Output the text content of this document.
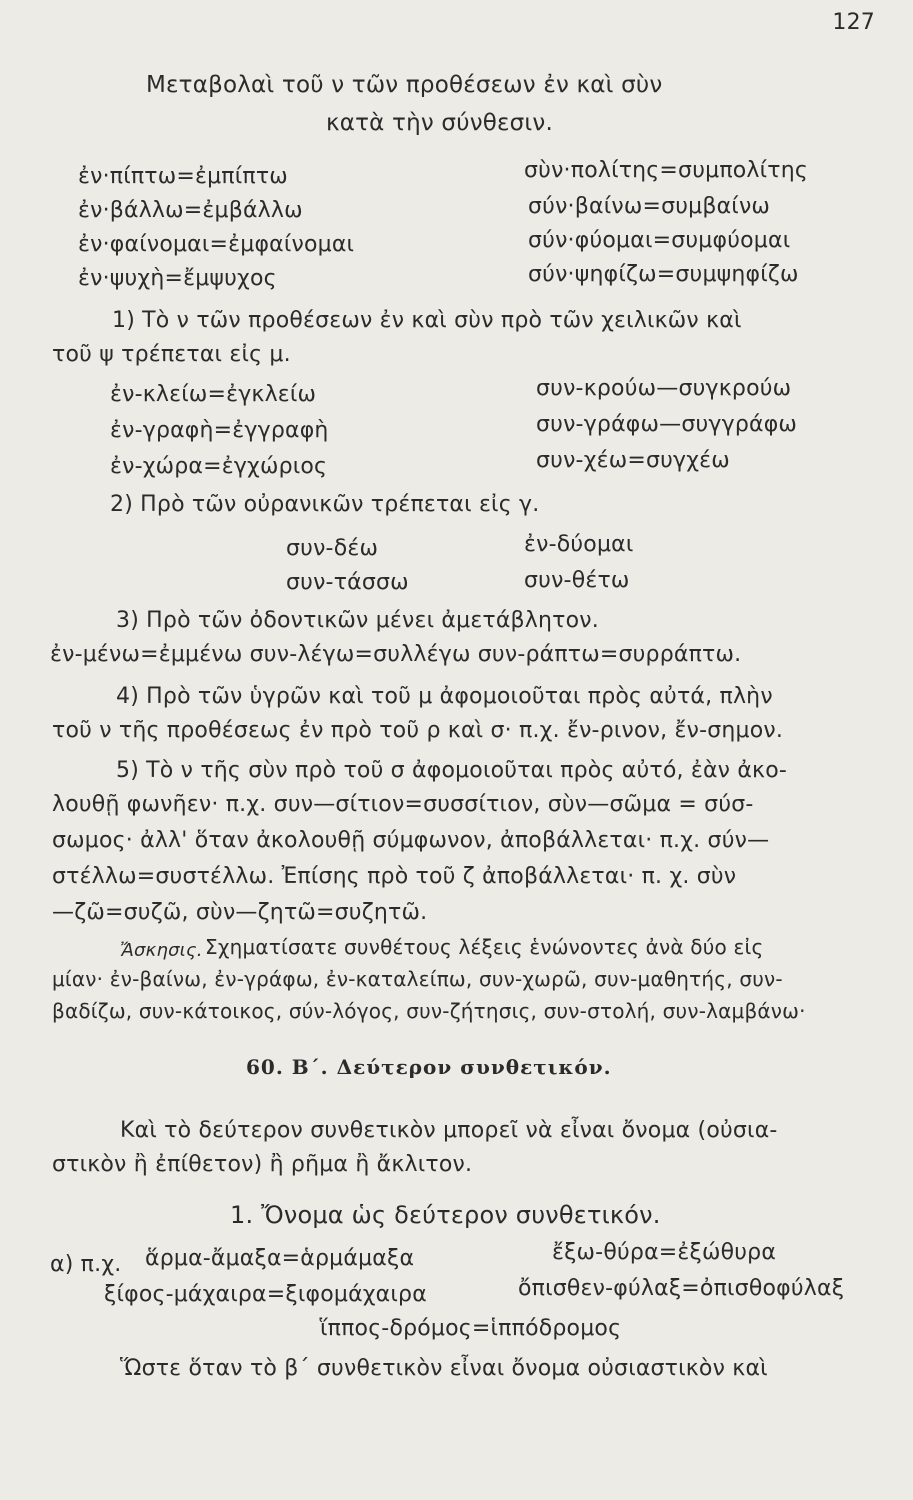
127
Μεταβολαὶ τοῦ ν τῶν προθέσεων ἐν καὶ σὺν
κατὰ τὴν σύνθεσιν.
ἐν·πίπτω=ἐμπίπτω
ἐν·βάλλω=ἐμβάλλω
ἐν·φαίνομαι=ἐμφαίνομαι
ἐν·ψυχὴ=ἔμψυχος
σὺν·πολίτης=συμπολίτης
σύν·βαίνω=συμβαίνω
σύν·φύομαι=συμφύομαι
σύν·ψηφίζω=συμψηφίζω
1) Τὸ ν τῶν προθέσεων ἐν καὶ σὺν πρὸ τῶν χειλικῶν καὶ
τοῦ ψ τρέπεται εἰς μ.
ἐν-κλείω=ἐγκλείω
ἐν-γραφὴ=ἐγγραφὴ
ἐν-χώρα=ἐγχώριος
συν-κρούω—συγκρούω
συν-γράφω—συγγράφω
συν-χέω=συγχέω
2) Πρὸ τῶν οὐρανικῶν τρέπεται εἰς γ.
συν-δέω
συν-τάσσω
ἐν-δύομαι
συν-θέτω
3) Πρὸ τῶν ὀδοντικῶν μένει ἀμετάβλητον.
ἐν-μένω=ἐμμένω συν-λέγω=συλλέγω συν-ράπτω=συρράπτω.
4) Πρὸ τῶν ὑγρῶν καὶ τοῦ μ ἀφομοιοῦται πρὸς αὐτά, πλὴν
τοῦ ν τῆς προθέσεως ἐν πρὸ τοῦ ρ καὶ σ· π.χ. ἔν-ρινον, ἔν-σημον.
5) Τὸ ν τῆς σὺν πρὸ τοῦ σ ἀφομοιοῦται πρὸς αὐτό, ἐὰν ἀκο-
λουθῇ φωνῆεν· π.χ. συν—σίτιον=συσσίτιον, σὺν—σῶμα = σύσ-
σωμος· ἀλλ' ὅταν ἀκολουθῇ σύμφωνον, ἀποβάλλεται· π.χ. σύν—
στέλλω=συστέλλω. Ἐπίσης πρὸ τοῦ ζ ἀποβάλλεται· π. χ. σὺν
—ζῶ=συζῶ, σὺν—ζητῶ=συζητῶ.
Ἄσκησις. Σχηματίσατε συνθέτους λέξεις ἑνώνοντες ἀνὰ δύο εἰς
μίαν· ἐν-βαίνω, ἐν-γράφω, ἐν-καταλείπω, συν-χωρῶ, συν-μαθητής, συν-
βαδίζω, συν-κάτοικος, σύν-λόγος, συν-ζήτησις, συν-στολή, συν-λαμβάνω·
60. Β΄. Δεύτερον συνθετικόν.
Καὶ τὸ δεύτερον συνθετικὸν μπορεῖ νὰ εἶναι ὄνομα (οὐσια-
στικὸν ἢ ἐπίθετον) ἢ ρῆμα ἢ ἄκλιτον.
1. Ὄνομα ὡς δεύτερον συνθετικόν.
α) π.χ. ἅρμα-ἄμαξα=ἁρμάμαξα
ξίφος-μάχαιρα=ξιφομάχαιρα
ἵππος-δρόμος=ἱππόδρομος
ἔξω-θύρα=ἐξώθυρα
ὄπισθεν-φύλαξ=ὀπισθοφύλαξ
Ὥστε ὅταν τὸ β΄ συνθετικὸν εἶναι ὄνομα οὐσιαστικὸν καὶ
